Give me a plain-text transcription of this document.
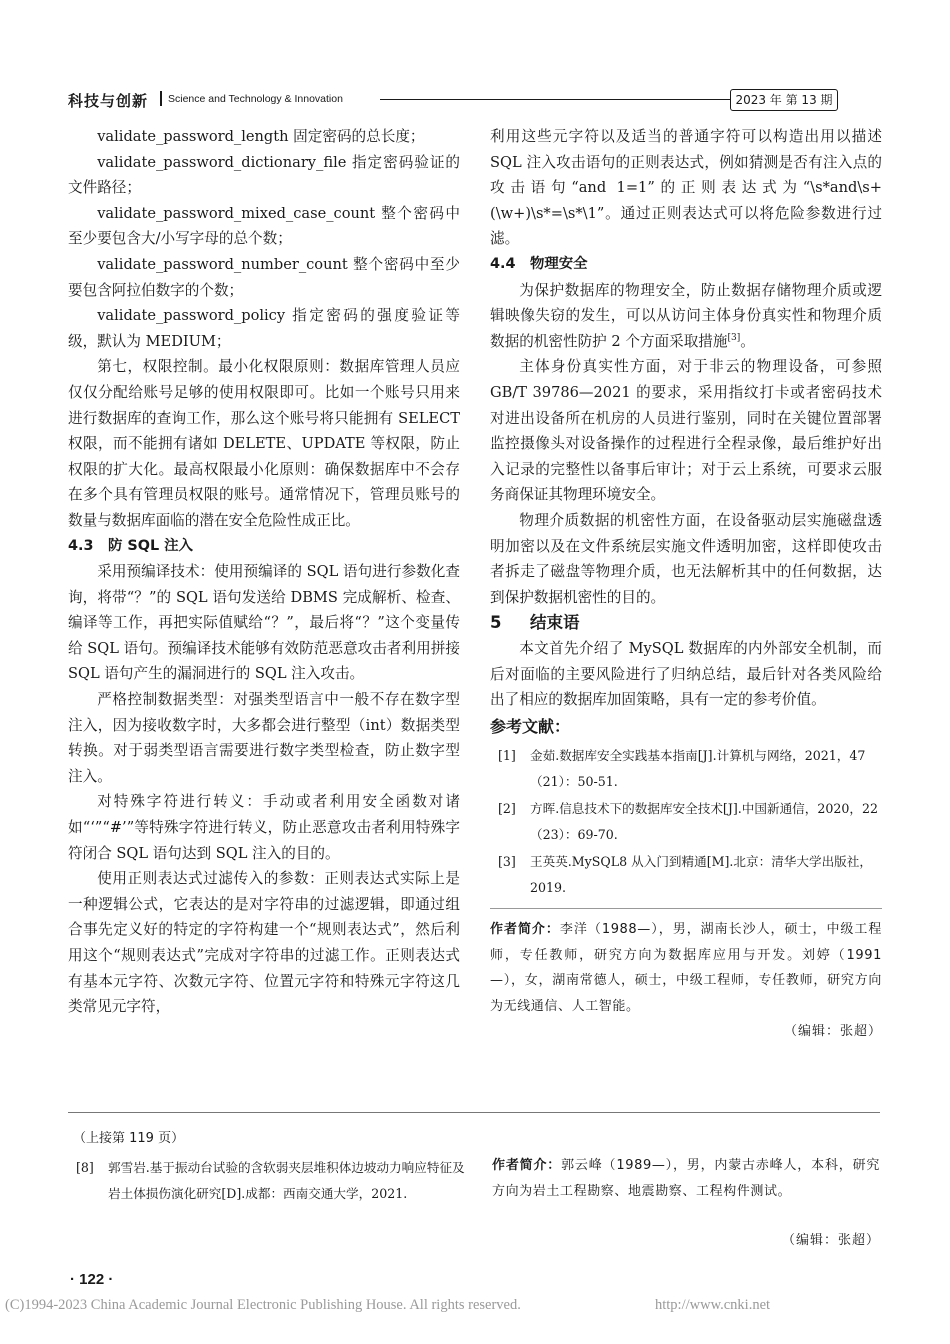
科技与创新 Science and Technology & Innovation	2023 年 第 13 期

validate_password_length 固定密码的总长度；

validate_password_dictionary_file 指定密码验证的文件路径；

validate_password_mixed_case_count 整个密码中至少要包含大/小写字母的总个数；

validate_password_number_count 整个密码中至少要包含阿拉伯数字的个数；

validate_password_policy 指定密码的强度验证等级，默认为 MEDIUM；

第七，权限控制。最小化权限原则：数据库管理人员应仅仅分配给账号足够的使用权限即可。比如一个账号只用来进行数据库的查询工作，那么这个账号将只能拥有 SELECT 权限，而不能拥有诸如 DELETE、UPDATE 等权限，防止权限的扩大化。最高权限最小化原则：确保数据库中不会存在多个具有管理员权限的账号。通常情况下，管理员账号的数量与数据库面临的潜在安全危险性成正比。

4.3 防 SQL 注入

采用预编译技术：使用预编译的 SQL 语句进行参数化查询，将带“？”的 SQL 语句发送给 DBMS 完成解析、检查、编译等工作，再把实际值赋给“？”，最后将“？”这个变量传给 SQL 语句。预编译技术能够有效防范恶意攻击者利用拼接 SQL 语句产生的漏洞进行的 SQL 注入攻击。

严格控制数据类型：对强类型语言中一般不存在数字型注入，因为接收数字时，大多都会进行整型（int）数据类型转换。对于弱类型语言需要进行数字类型检查，防止数字型注入。

对特殊字符进行转义：手动或者利用安全函数对诸如“‘”“#’”等特殊字符进行转义，防止恶意攻击者利用特殊字符闭合 SQL 语句达到 SQL 注入的目的。

使用正则表达式过滤传入的参数：正则表达式实际上是一种逻辑公式，它表达的是对字符串的过滤逻辑，即通过组合事先定义好的特定的字符构建一个“规则表达式”，然后利用这个“规则表达式”完成对字符串的过滤工作。正则表达式有基本元字符、次数元字符、位置元字符和特殊元字符这几类常见元字符，

利用这些元字符以及适当的普通字符可以构造出用以描述 SQL 注入攻击语句的正则表达式，例如猜测是否有注入点的攻击语句“and 1=1”的正则表达式为“\s*and\s+(\w+)\s*=\s*\1”。通过正则表达式可以将危险参数进行过滤。

4.4 物理安全

为保护数据库的物理安全，防止数据存储物理介质或逻辑映像失窃的发生，可以从访问主体身份真实性和物理介质数据的机密性防护 2 个方面采取措施[3]。

主体身份真实性方面，对于非云的物理设备，可参照 GB/T 39786—2021 的要求，采用指纹打卡或者密码技术对进出设备所在机房的人员进行鉴别，同时在关键位置部署监控摄像头对设备操作的过程进行全程录像，最后维护好出入记录的完整性以备事后审计；对于云上系统，可要求云服务商保证其物理环境安全。

物理介质数据的机密性方面，在设备驱动层实施磁盘透明加密以及在文件系统层实施文件透明加密，这样即使攻击者拆走了磁盘等物理介质，也无法解析其中的任何数据，达到保护数据机密性的目的。

5 结束语

本文首先介绍了 MySQL 数据库的内外部安全机制，而后对面临的主要风险进行了归纳总结，最后针对各类风险给出了相应的数据库加固策略，具有一定的参考价值。

参考文献：
[1] 金茹.数据库安全实践基本指南[J].计算机与网络，2021，47（21）：50-51.
[2] 方晖.信息技术下的数据库安全技术[J].中国新通信，2020，22（23）：69-70.
[3] 王英英.MySQL8 从入门到精通[M].北京：清华大学出版社，2019.
作者简介：李洋（1988—），男，湖南长沙人，硕士，中级工程师，专任教师，研究方向为数据库应用与开发。刘婷（1991—），女，湖南常德人，硕士，中级工程师，专任教师，研究方向为无线通信、人工智能。
（编辑：张超）
（上接第 119 页）
[8] 郭雪岩.基于振动台试验的含软弱夹层堆积体边坡动力响应特征及岩土体损伤演化研究[D].成都：西南交通大学，2021.
作者简介：郭云峰（1989—），男，内蒙古赤峰人，本科，研究方向为岩土工程勘察、地震勘察、工程构件测试。
（编辑：张超）
· 122 ·
(C)1994-2023 China Academic Journal Electronic Publishing House. All rights reserved.	http://www.cnki.net
